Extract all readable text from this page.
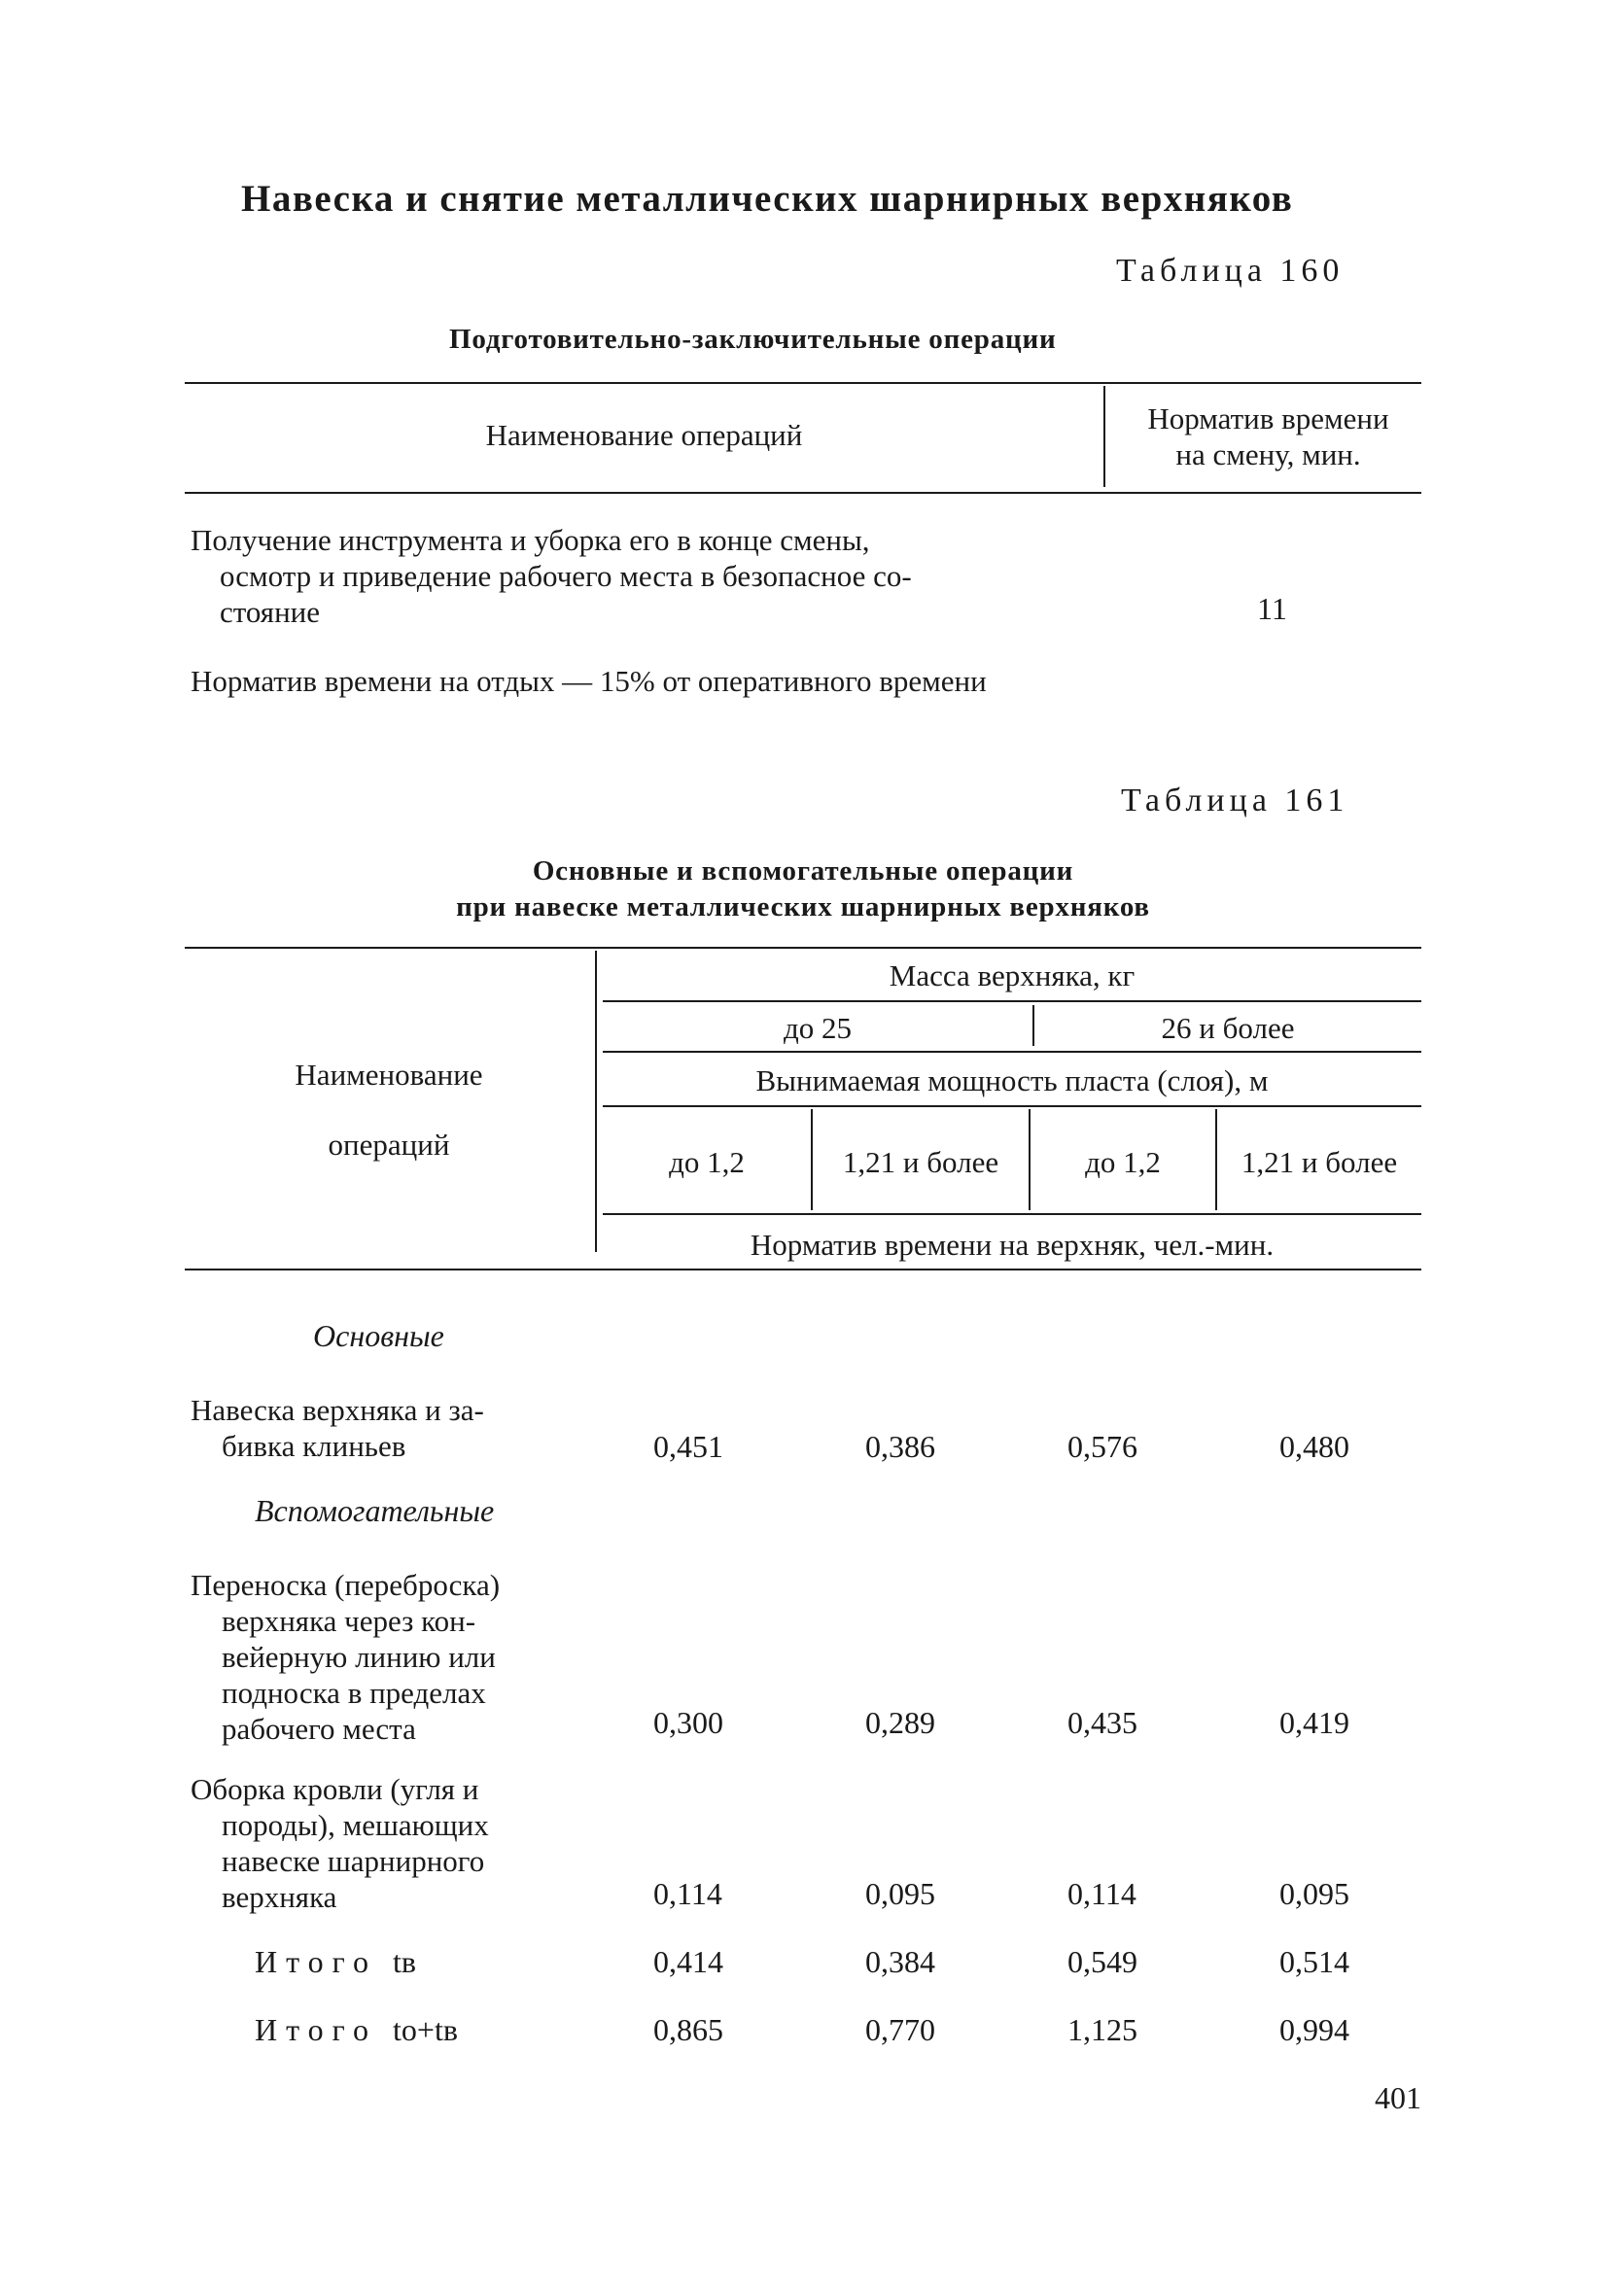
Навеска и снятие металлических шарнирных верхняков
Таблица 160
Подготовительно-заключительные операции
Наименование операций	Норматив времени
на смену, мин.
Получение инструмента и уборка его в конце смены,
осмотр и приведение рабочего места в безопасное со-
стояние	11
Норматив времени на отдых — 15% от оперативного времени
Таблица 161
Основные и вспомогательные операции
при навеске металлических шарнирных верхняков
Наименование
операций
Масса верхняка, кг
до 25	26 и более
Вынимаемая мощность пласта (слоя), м
до 1,2	1,21 и более	до 1,2	1,21 и более
Норматив времени на верхняк, чел.-мин.
Основные
Навеска верхняка и за-
бивка клиньев	0,451	0,386	0,576	0,480
Вспомогательные
Переноска (переброска)
верхняка через кон-
вейерную линию или
подноска в пределах
рабочего места	0,300	0,289	0,435	0,419
Оборка кровли (угля и
породы), мешающих
навеске шарнирного
верхняка	0,114	0,095	0,114	0,095
Итого tв	0,414	0,384	0,549	0,514
Итого tо+tв	0,865	0,770	1,125	0,994
401
